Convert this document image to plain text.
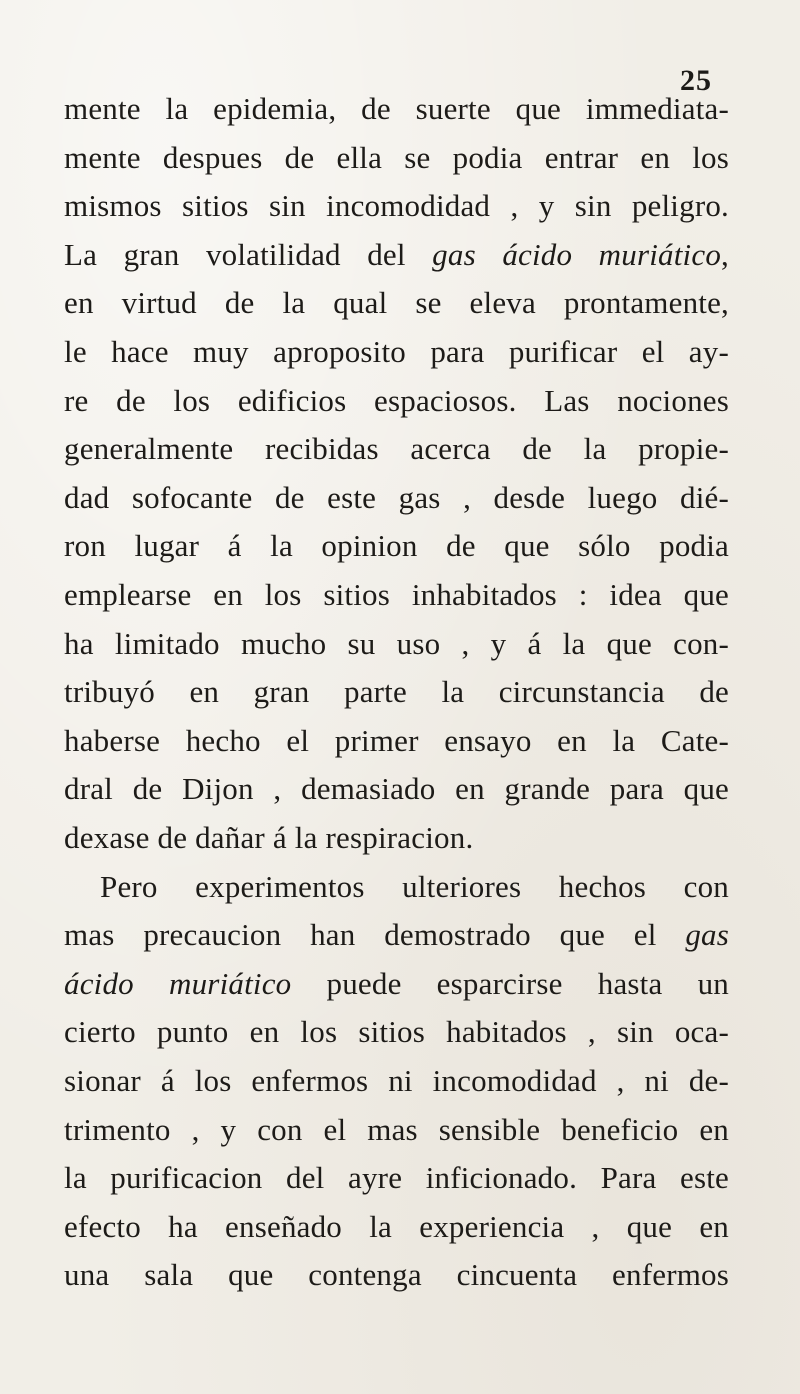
25
mente la epidemia, de suerte que immediata-
mente despues de ella se podia entrar en los
mismos sitios sin incomodidad , y sin peligro.
La gran volatilidad del gas ácido muriático,
en virtud de la qual se eleva prontamente,
le hace muy aproposito para purificar el ay-
re de los edificios espaciosos. Las nociones
generalmente recibidas acerca de la propie-
dad sofocante de este gas , desde luego dié-
ron lugar á la opinion de que sólo podia
emplearse en los sitios inhabitados : idea que
ha limitado mucho su uso , y á la que con-
tribuyó en gran parte la circunstancia de
haberse hecho el primer ensayo en la Cate-
dral de Dijon , demasiado en grande para que
dexase de dañar á la respiracion.
Pero experimentos ulteriores hechos con
mas precaucion han demostrado que el gas
ácido muriático puede esparcirse hasta un
cierto punto en los sitios habitados , sin oca-
sionar á los enfermos ni incomodidad , ni de-
trimento , y con el mas sensible beneficio en
la purificacion del ayre inficionado. Para este
efecto ha enseñado la experiencia , que en
una sala que contenga cincuenta enfermos
